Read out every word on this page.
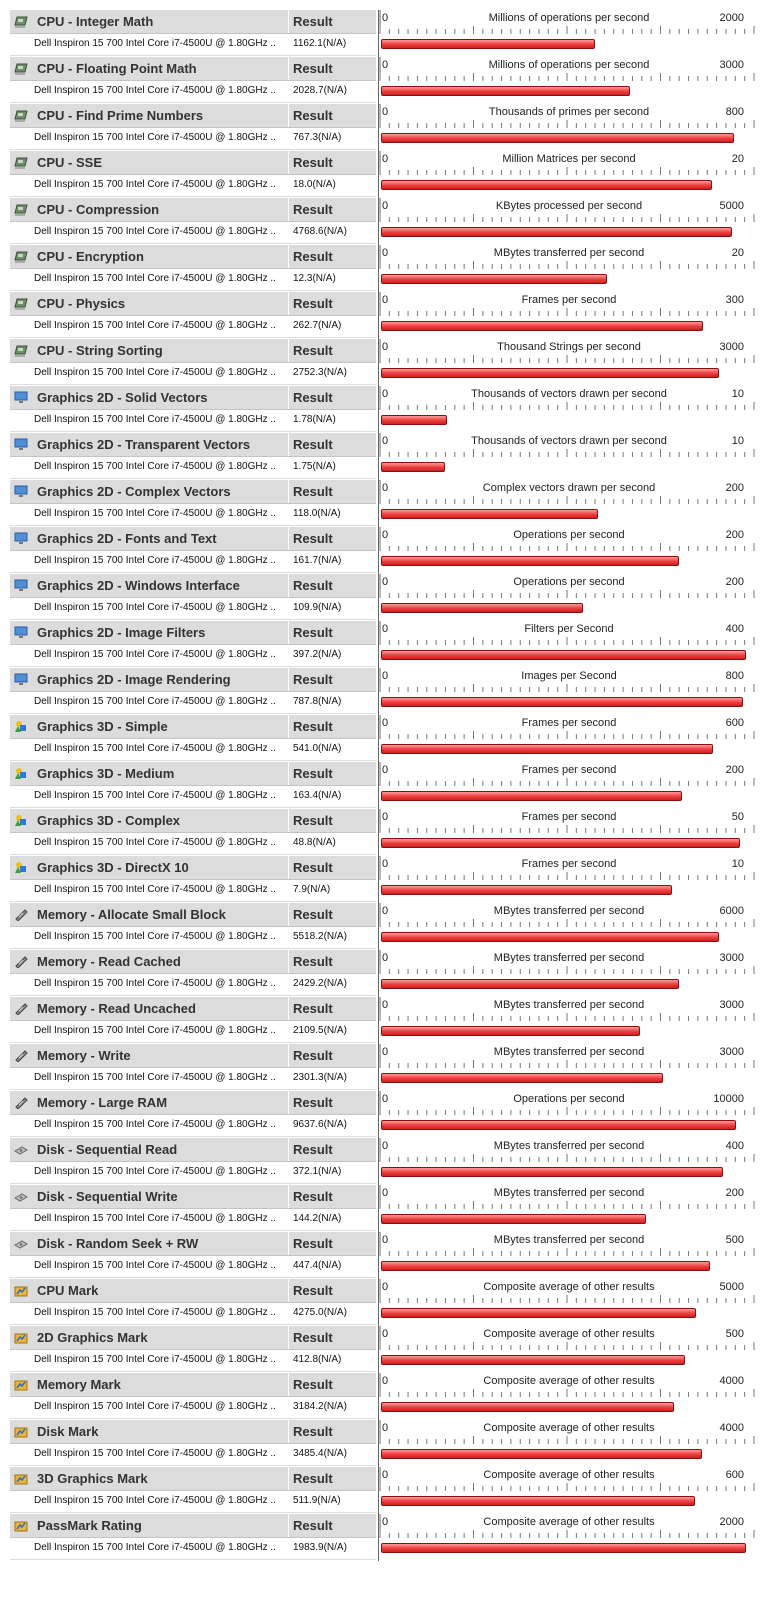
CPU - Integer Math	Result
Dell Inspiron 15 700 Intel Core i7-4500U @ 1.80GHz .. 1162.1(N/A)
0	Millions of operations per second	2000
CPU - Floating Point Math	Result
Dell Inspiron 15 700 Intel Core i7-4500U @ 1.80GHz .. 2028.7(N/A)
0	Millions of operations per second	3000
CPU - Find Prime Numbers	Result
Dell Inspiron 15 700 Intel Core i7-4500U @ 1.80GHz .. 767.3(N/A)
0	Thousands of primes per second	800
CPU - SSE	Result
Dell Inspiron 15 700 Intel Core i7-4500U @ 1.80GHz .. 18.0(N/A)
0	Million Matrices per second	20
CPU - Compression	Result
Dell Inspiron 15 700 Intel Core i7-4500U @ 1.80GHz .. 4768.6(N/A)
0	KBytes processed per second	5000
CPU - Encryption	Result
Dell Inspiron 15 700 Intel Core i7-4500U @ 1.80GHz .. 12.3(N/A)
0	MBytes transferred per second	20
CPU - Physics	Result
Dell Inspiron 15 700 Intel Core i7-4500U @ 1.80GHz .. 262.7(N/A)
0	Frames per second	300
CPU - String Sorting	Result
Dell Inspiron 15 700 Intel Core i7-4500U @ 1.80GHz .. 2752.3(N/A)
0	Thousand Strings per second	3000
Graphics 2D - Solid Vectors	Result
Dell Inspiron 15 700 Intel Core i7-4500U @ 1.80GHz .. 1.78(N/A)
0	Thousands of vectors drawn per second	10
Graphics 2D - Transparent Vectors	Result
Dell Inspiron 15 700 Intel Core i7-4500U @ 1.80GHz .. 1.75(N/A)
0	Thousands of vectors drawn per second	10
Graphics 2D - Complex Vectors	Result
Dell Inspiron 15 700 Intel Core i7-4500U @ 1.80GHz .. 118.0(N/A)
0	Complex vectors drawn per second	200
Graphics 2D - Fonts and Text	Result
Dell Inspiron 15 700 Intel Core i7-4500U @ 1.80GHz .. 161.7(N/A)
0	Operations per second	200
Graphics 2D - Windows Interface	Result
Dell Inspiron 15 700 Intel Core i7-4500U @ 1.80GHz .. 109.9(N/A)
0	Operations per second	200
Graphics 2D - Image Filters	Result
Dell Inspiron 15 700 Intel Core i7-4500U @ 1.80GHz .. 397.2(N/A)
0	Filters per Second	400
Graphics 2D - Image Rendering	Result
Dell Inspiron 15 700 Intel Core i7-4500U @ 1.80GHz .. 787.8(N/A)
0	Images per Second	800
Graphics 3D - Simple	Result
Dell Inspiron 15 700 Intel Core i7-4500U @ 1.80GHz .. 541.0(N/A)
0	Frames per second	600
Graphics 3D - Medium	Result
Dell Inspiron 15 700 Intel Core i7-4500U @ 1.80GHz .. 163.4(N/A)
0	Frames per second	200
Graphics 3D - Complex	Result
Dell Inspiron 15 700 Intel Core i7-4500U @ 1.80GHz .. 48.8(N/A)
0	Frames per second	50
Graphics 3D - DirectX 10	Result
Dell Inspiron 15 700 Intel Core i7-4500U @ 1.80GHz .. 7.9(N/A)
0	Frames per second	10
Memory - Allocate Small Block	Result
Dell Inspiron 15 700 Intel Core i7-4500U @ 1.80GHz .. 5518.2(N/A)
0	MBytes transferred per second	6000
Memory - Read Cached	Result
Dell Inspiron 15 700 Intel Core i7-4500U @ 1.80GHz .. 2429.2(N/A)
0	MBytes transferred per second	3000
Memory - Read Uncached	Result
Dell Inspiron 15 700 Intel Core i7-4500U @ 1.80GHz .. 2109.5(N/A)
0	MBytes transferred per second	3000
Memory - Write	Result
Dell Inspiron 15 700 Intel Core i7-4500U @ 1.80GHz .. 2301.3(N/A)
0	MBytes transferred per second	3000
Memory - Large RAM	Result
Dell Inspiron 15 700 Intel Core i7-4500U @ 1.80GHz .. 9637.6(N/A)
0	Operations per second	10000
Disk - Sequential Read	Result
Dell Inspiron 15 700 Intel Core i7-4500U @ 1.80GHz .. 372.1(N/A)
0	MBytes transferred per second	400
Disk - Sequential Write	Result
Dell Inspiron 15 700 Intel Core i7-4500U @ 1.80GHz .. 144.2(N/A)
0	MBytes transferred per second	200
Disk - Random Seek + RW	Result
Dell Inspiron 15 700 Intel Core i7-4500U @ 1.80GHz .. 447.4(N/A)
0	MBytes transferred per second	500
CPU Mark	Result
Dell Inspiron 15 700 Intel Core i7-4500U @ 1.80GHz .. 4275.0(N/A)
0	Composite average of other results	5000
2D Graphics Mark	Result
Dell Inspiron 15 700 Intel Core i7-4500U @ 1.80GHz .. 412.8(N/A)
0	Composite average of other results	500
Memory Mark	Result
Dell Inspiron 15 700 Intel Core i7-4500U @ 1.80GHz .. 3184.2(N/A)
0	Composite average of other results	4000
Disk Mark	Result
Dell Inspiron 15 700 Intel Core i7-4500U @ 1.80GHz .. 3485.4(N/A)
0	Composite average of other results	4000
3D Graphics Mark	Result
Dell Inspiron 15 700 Intel Core i7-4500U @ 1.80GHz .. 511.9(N/A)
0	Composite average of other results	600
PassMark Rating	Result
Dell Inspiron 15 700 Intel Core i7-4500U @ 1.80GHz .. 1983.9(N/A)
0	Composite average of other results	2000
